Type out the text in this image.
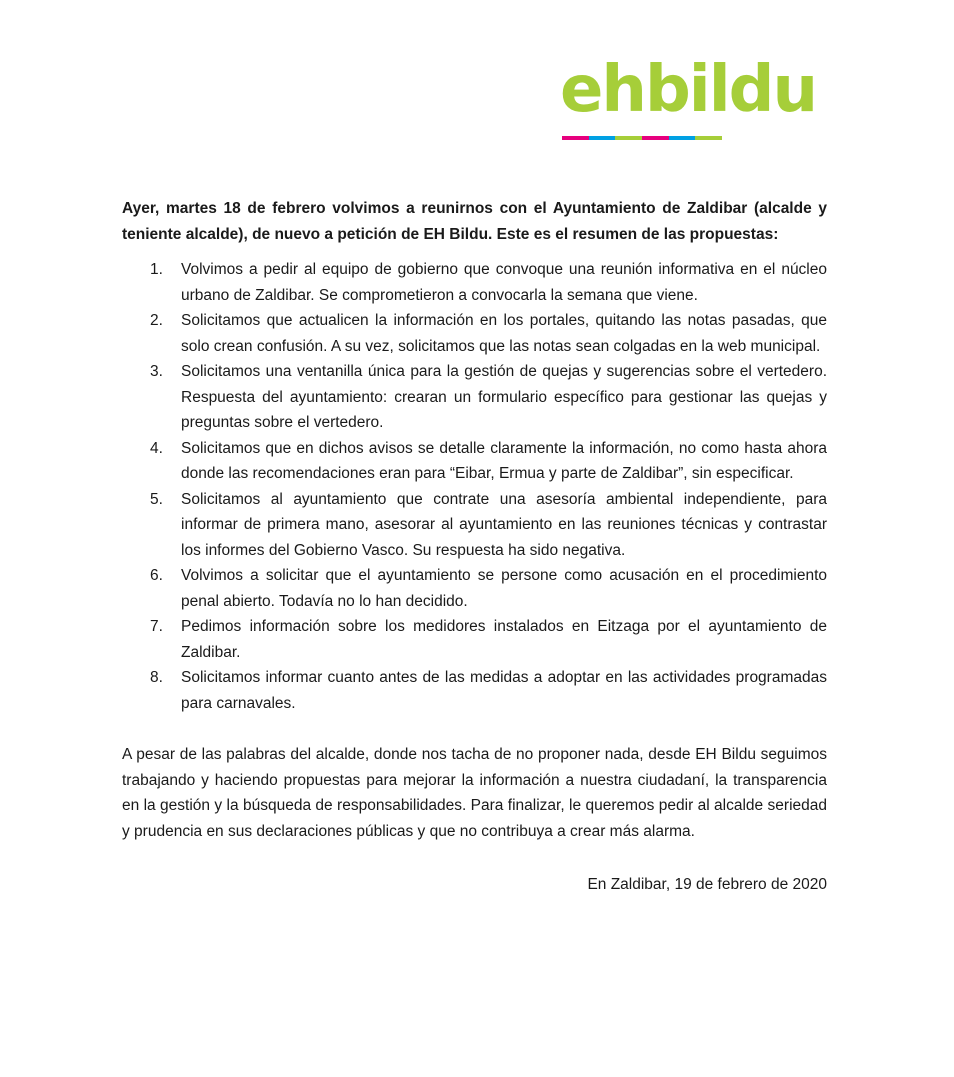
ehbildu

Ayer, martes 18 de febrero volvimos a reunirnos con el Ayuntamiento de Zaldibar (alcalde y teniente alcalde), de nuevo a petición de EH Bildu. Este es el resumen de las propuestas:

1. Volvimos a pedir al equipo de gobierno que convoque una reunión informativa en el núcleo urbano de Zaldibar. Se comprometieron a convocarla la semana que viene.
2. Solicitamos que actualicen la información en los portales, quitando las notas pasadas, que solo crean confusión. A su vez, solicitamos que las notas sean colgadas en la web municipal.
3. Solicitamos una ventanilla única para la gestión de quejas y sugerencias sobre el vertedero. Respuesta del ayuntamiento: crearan un formulario específico para gestionar las quejas y preguntas sobre el vertedero.
4. Solicitamos que en dichos avisos se detalle claramente la información, no como hasta ahora donde las recomendaciones eran para “Eibar, Ermua y parte de Zaldibar”, sin especificar.
5. Solicitamos al ayuntamiento que contrate una asesoría ambiental independiente, para informar de primera mano, asesorar al ayuntamiento en las reuniones técnicas y contrastar los informes del Gobierno Vasco. Su respuesta ha sido negativa.
6. Volvimos a solicitar que el ayuntamiento se persone como acusación en el procedimiento penal abierto. Todavía no lo han decidido.
7. Pedimos información sobre los medidores instalados en Eitzaga por el ayuntamiento de Zaldibar.
8. Solicitamos informar cuanto antes de las medidas a adoptar en las actividades programadas para carnavales.

A pesar de las palabras del alcalde, donde nos tacha de no proponer nada, desde EH Bildu seguimos trabajando y haciendo propuestas para mejorar la información a nuestra ciudadaní, la transparencia en la gestión y la búsqueda de responsabilidades. Para finalizar, le queremos pedir al alcalde seriedad y prudencia en sus declaraciones públicas y que no contribuya a crear más alarma.

En Zaldibar, 19 de febrero de 2020
